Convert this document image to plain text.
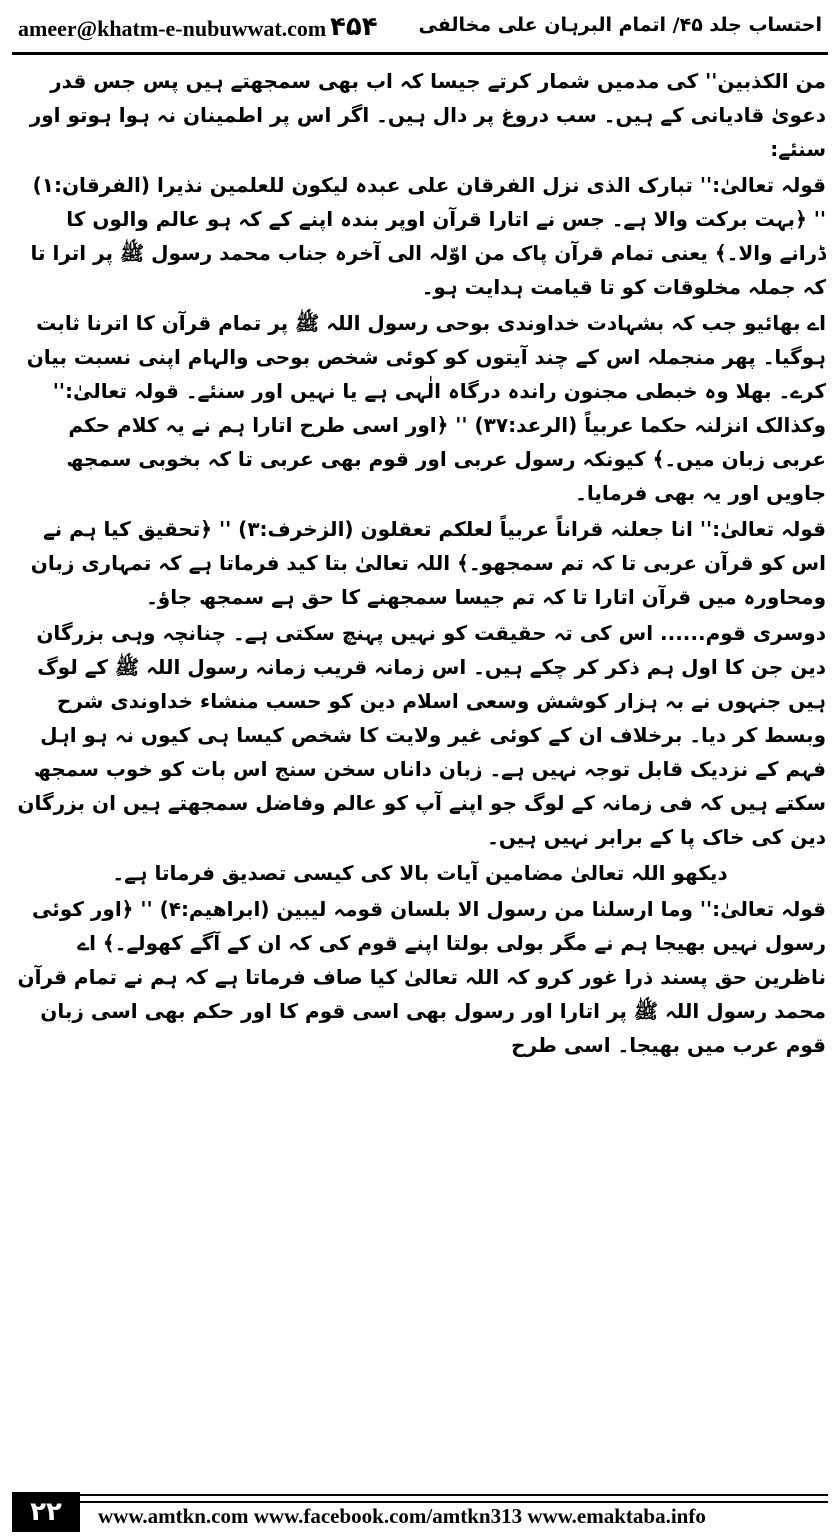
ameer@khatm-e-nubuwwat.com ۴۵۴ احتساب جلد ۴۵/ اتمام البرہان علی مخالفی

من الکذبین'' کی مدمیں شمار کرتے جیسا کہ اب بھی سمجھتے ہیں پس جس قدر دعویٰ قادیانی کے ہیں۔ سب دروغ پر دال ہیں۔ اگر اس پر اطمینان نہ ہوا ہوتو اور سنئے:

قولہ تعالیٰ:'' تبارک الذی نزل الفرقان علی عبدہ لیکون للعلمین نذیرا (الفرقان:۱) '' ﴿بہت برکت والا ہے۔ جس نے اتارا قرآن اوپر بندہ اپنے کے کہ ہو عالم والوں کا ڈرانے والا۔﴾ یعنی تمام قرآن پاک من اوّلہ الی آخرہ جناب محمد رسول ﷺ پر اترا تا کہ جملہ مخلوقات کو تا قیامت ہدایت ہو۔

اے بھائیو جب کہ بشہادت خداوندی بوحی رسول اللہ ﷺ پر تمام قرآن کا اترنا ثابت ہوگیا۔ پھر منجملہ اس کے چند آیتوں کو کوئی شخص بوحی والہام اپنی نسبت بیان کرے۔ بھلا وہ خبطی مجنون راندہ درگاہ الٰہی ہے یا نہیں اور سنئے۔ قولہ تعالیٰ:'' وکذالک انزلنہ حکما عربیاً (الرعد:۳۷) '' ﴿اور اسی طرح اتارا ہم نے یہ کلام حکم عربی زبان میں۔﴾ کیونکہ رسول عربی اور قوم بھی عربی تا کہ بخوبی سمجھ جاویں اور یہ بھی فرمایا۔

قولہ تعالیٰ:'' انا جعلنہ قراناً عربیاً لعلکم تعقلون (الزخرف:۳) '' ﴿تحقیق کیا ہم نے اس کو قرآن عربی تا کہ تم سمجھو۔﴾ اللہ تعالیٰ بتا کید فرماتا ہے کہ تمہاری زبان ومحاورہ میں قرآن اتارا تا کہ تم جیسا سمجھنے کا حق ہے سمجھ جاؤ۔

دوسری قوم...... اس کی تہ حقیقت کو نہیں پہنچ سکتی ہے۔ چنانچہ وہی بزرگان دین جن کا اول ہم ذکر کر چکے ہیں۔ اس زمانہ قریب زمانہ رسول اللہ ﷺ کے لوگ ہیں جنہوں نے بہ ہزار کوشش وسعی اسلام دین کو حسب منشاء خداوندی شرح وبسط کر دیا۔ برخلاف ان کے کوئی غیر ولایت کا شخص کیسا ہی کیوں نہ ہو اہل فہم کے نزدیک قابل توجہ نہیں ہے۔ زبان داناں سخن سنج اس بات کو خوب سمجھ سکتے ہیں کہ فی زمانہ کے لوگ جو اپنے آپ کو عالم وفاضل سمجھتے ہیں ان بزرگان دین کی خاک پا کے برابر نہیں ہیں۔

دیکھو اللہ تعالیٰ مضامین آیات بالا کی کیسی تصدیق فرماتا ہے۔

قولہ تعالیٰ:'' وما ارسلنا من رسول الا بلسان قومہ لیبین (ابراھیم:۴) '' ﴿اور کوئی رسول نہیں بھیجا ہم نے مگر بولی بولتا اپنے قوم کی کہ ان کے آگے کھولے۔﴾ اے ناظرین حق پسند ذرا غور کرو کہ اللہ تعالیٰ کیا صاف فرماتا ہے کہ ہم نے تمام قرآن محمد رسول اللہ ﷺ پر اتارا اور رسول بھی اسی قوم کا اور حکم بھی اسی زبان قوم عرب میں بھیجا۔ اسی طرح

۲۲	www.amtkn.com www.facebook.com/amtkn313 www.emaktaba.info
